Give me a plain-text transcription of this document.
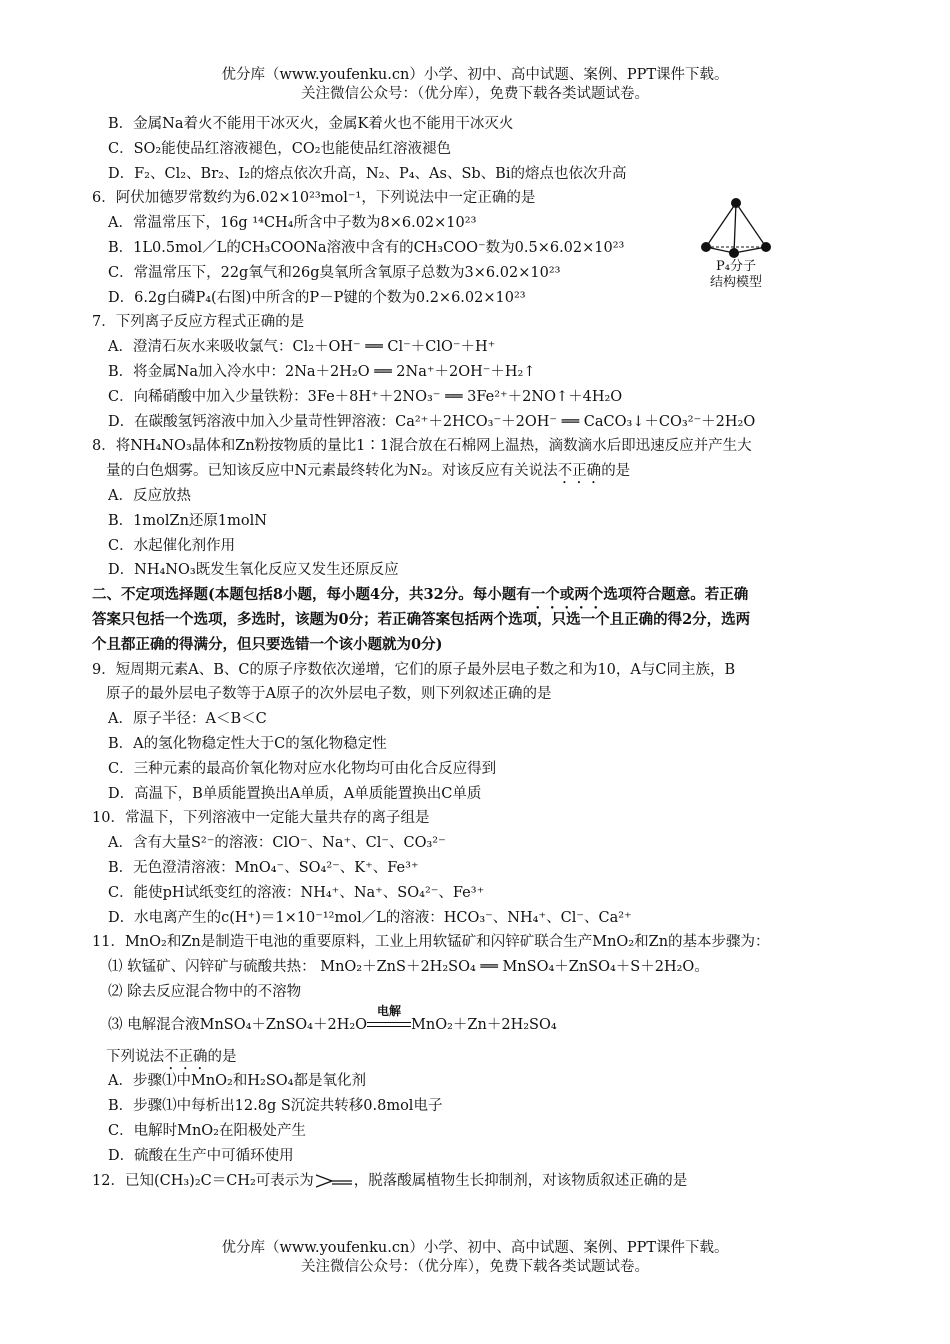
优分库（www.youfenku.cn）小学、初中、高中试题、案例、PPT课件下载。
关注微信公众号：（优分库），免费下载各类试题试卷。
P₄分子
结构模型
B．金属Na着火不能用干冰灭火，金属K着火也不能用干冰灭火
C．SO₂能使品红溶液褪色，CO₂也能使品红溶液褪色
D．F₂、Cl₂、Br₂、I₂的熔点依次升高，N₂、P₄、As、Sb、Bi的熔点也依次升高
6．阿伏加德罗常数约为6.02×10²³mol⁻¹，下列说法中一定正确的是
A．常温常压下，16g ¹⁴CH₄所含中子数为8×6.02×10²³
B．1L0.5mol／L的CH₃COONa溶液中含有的CH₃COO⁻数为0.5×6.02×10²³
C．常温常压下，22g氧气和26g臭氧所含氧原子总数为3×6.02×10²³
D．6.2g白磷P₄(右图)中所含的P－P键的个数为0.2×6.02×10²³
7．下列离子反应方程式正确的是
A．澄清石灰水来吸收氯气：Cl₂＋OH⁻ ══ Cl⁻＋ClO⁻＋H⁺
B．将金属Na加入冷水中：2Na＋2H₂O ══ 2Na⁺＋2OH⁻＋H₂↑
C．向稀硝酸中加入少量铁粉：3Fe＋8H⁺＋2NO₃⁻ ══ 3Fe²⁺＋2NO↑＋4H₂O
D．在碳酸氢钙溶液中加入少量苛性钾溶液：Ca²⁺＋2HCO₃⁻＋2OH⁻ ══ CaCO₃↓＋CO₃²⁻＋2H₂O
8．将NH₄NO₃晶体和Zn粉按物质的量比1∶1混合放在石棉网上温热，滴数滴水后即迅速反应并产生大
量的白色烟雾。已知该反应中N元素最终转化为N₂。对该反应有关说法不正确的是
A．反应放热
B．1molZn还原1molN
C．水起催化剂作用
D．NH₄NO₃既发生氧化反应又发生还原反应
二、不定项选择题(本题包括8小题，每小题4分，共32分。每小题有一个或两个选项符合题意。若正确
答案只包括一个选项，多选时，该题为0分；若正确答案包括两个选项，只选一个且正确的得2分，选两
个且都正确的得满分，但只要选错一个该小题就为0分)
9．短周期元素A、B、C的原子序数依次递增，它们的原子最外层电子数之和为10，A与C同主族，B
原子的最外层电子数等于A原子的次外层电子数，则下列叙述正确的是
A．原子半径：A＜B＜C
B．A的氢化物稳定性大于C的氢化物稳定性
C．三种元素的最高价氧化物对应水化物均可由化合反应得到
D．高温下，B单质能置换出A单质，A单质能置换出C单质
10．常温下，下列溶液中一定能大量共存的离子组是
A．含有大量S²⁻的溶液：ClO⁻、Na⁺、Cl⁻、CO₃²⁻
B．无色澄清溶液：MnO₄⁻、SO₄²⁻、K⁺、Fe³⁺
C．能使pH试纸变红的溶液：NH₄⁺、Na⁺、SO₄²⁻、Fe³⁺
D．水电离产生的c(H⁺)＝1×10⁻¹²mol／L的溶液：HCO₃⁻、NH₄⁺、Cl⁻、Ca²⁺
11．MnO₂和Zn是制造干电池的重要原料，工业上用软锰矿和闪锌矿联合生产MnO₂和Zn的基本步骤为：
⑴ 软锰矿、闪锌矿与硫酸共热： MnO₂＋ZnS＋2H₂SO₄ ══ MnSO₄＋ZnSO₄＋S＋2H₂O。
⑵ 除去反应混合物中的不溶物
⑶ 电解混合液MnSO₄＋ZnSO₄＋2H₂O
电解
MnO₂＋Zn＋2H₂SO₄
下列说法不正确的是
A．步骤⑴中MnO₂和H₂SO₄都是氧化剂
B．步骤⑴中每析出12.8g S沉淀共转移0.8mol电子
C．电解时MnO₂在阳极处产生
D．硫酸在生产中可循环使用
12．已知(CH₃)₂C＝CH₂可表示为	，脱落酸属植物生长抑制剂，对该物质叙述正确的是
优分库（www.youfenku.cn）小学、初中、高中试题、案例、PPT课件下载。
关注微信公众号：（优分库），免费下载各类试题试卷。
